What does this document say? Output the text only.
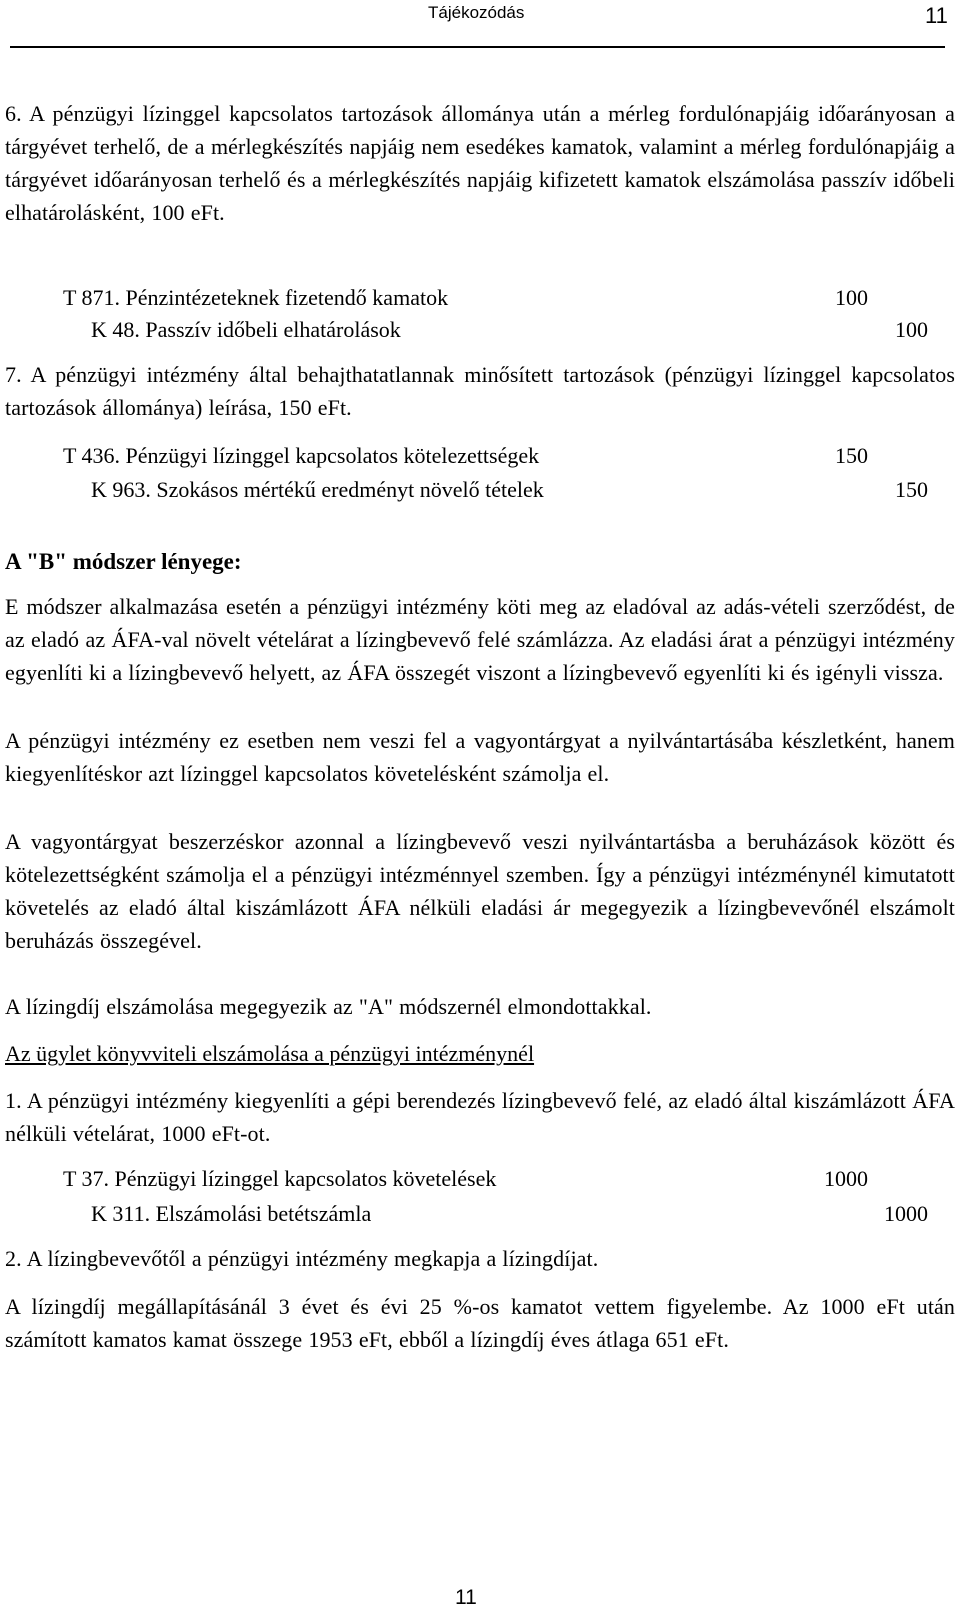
Tájékozódás	11
6. A pénzügyi lízinggel kapcsolatos tartozások állománya után a mérleg fordulónapjáig időarányosan a tárgyévet terhelő, de a mérlegkészítés napjáig nem esedékes kamatok, valamint a mérleg fordulónapjáig a tárgyévet időarányosan terhelő és a mérlegkészítés napjáig kifizetett kamatok elszámolása passzív időbeli elhatárolásként, 100 eFt.
T 871. Pénzintézeteknek fizetendő kamatok	100
K 48. Passzív időbeli elhatárolások	100
7. A pénzügyi intézmény által behajthatatlannak minősített tartozások (pénzügyi lízinggel kapcsolatos tartozások állománya) leírása, 150 eFt.
T 436. Pénzügyi lízinggel kapcsolatos kötelezettségek	150
K 963. Szokásos mértékű eredményt növelő tételek	150
A "B" módszer lényege:
E módszer alkalmazása esetén a pénzügyi intézmény köti meg az eladóval az adás-vételi szerződést, de az eladó az ÁFA-val növelt vételárat a lízingbevevő felé számlázza. Az eladási árat a pénzügyi intézmény egyenlíti ki a lízingbevevő helyett, az ÁFA összegét viszont a lízingbevevő egyenlíti ki és igényli vissza.
A pénzügyi intézmény ez esetben nem veszi fel a vagyontárgyat a nyilvántartásába készletként, hanem kiegyenlítéskor azt lízinggel kapcsolatos követelésként számolja el.
A vagyontárgyat beszerzéskor azonnal a lízingbevevő veszi nyilvántartásba a beruházások között és kötelezettségként számolja el a pénzügyi intézménnyel szemben. Így a pénzügyi intézménynél kimutatott követelés az eladó által kiszámlázott ÁFA nélküli eladási ár megegyezik a lízingbevevőnél elszámolt beruházás összegével.
A lízingdíj elszámolása megegyezik az "A" módszernél elmondottakkal.
Az ügylet könyvviteli elszámolása a pénzügyi intézménynél
1. A pénzügyi intézmény kiegyenlíti a gépi berendezés lízingbevevő felé, az eladó által kiszámlázott ÁFA nélküli vételárat, 1000 eFt-ot.
T 37. Pénzügyi lízinggel kapcsolatos követelések	1000
K 311. Elszámolási betétszámla	1000
2. A lízingbevevőtől a pénzügyi intézmény megkapja a lízingdíjat.
A lízingdíj megállapításánál 3 évet és évi 25 %-os kamatot vettem figyelembe. Az 1000 eFt után számított kamatos kamat összege 1953 eFt, ebből a lízingdíj éves átlaga 651 eFt.
11
